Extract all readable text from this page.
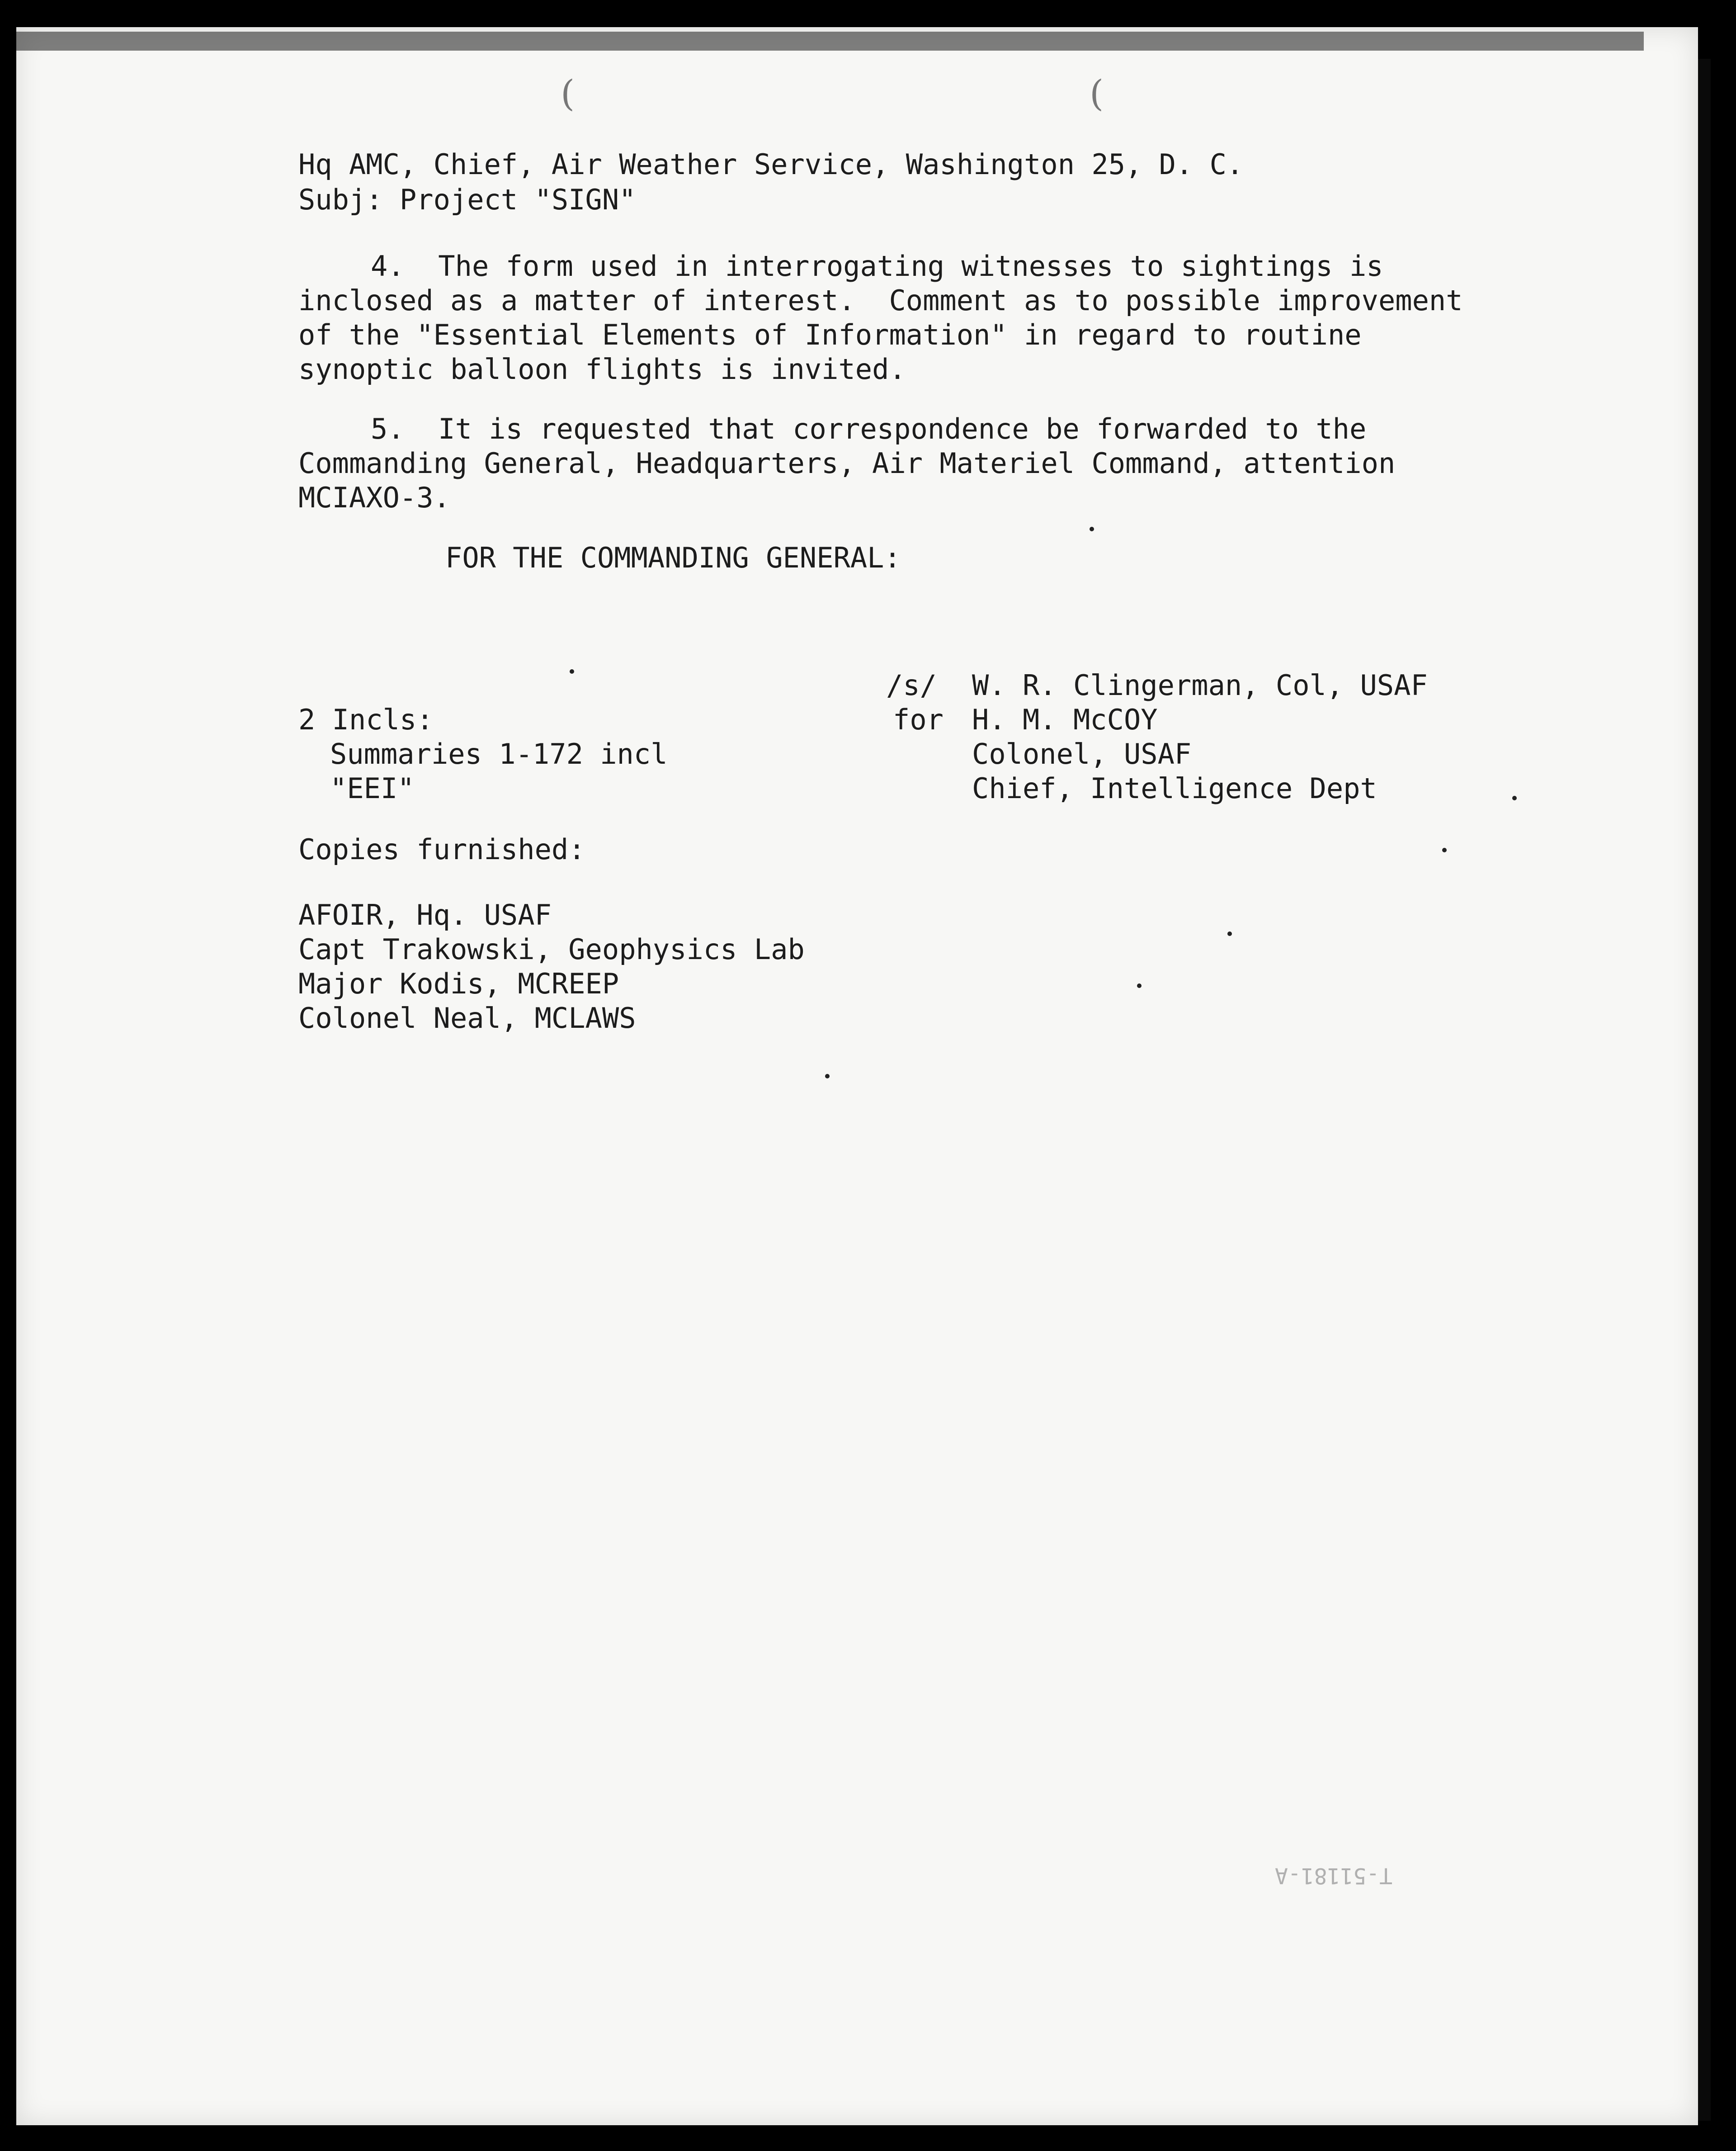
(	(

Hq AMC, Chief, Air Weather Service, Washington 25, D. C.

Subj: Project "SIGN"

4.  The form used in interrogating witnesses to sightings is

inclosed as a matter of interest.  Comment as to possible improvement

of the "Essential Elements of Information" in regard to routine

synoptic balloon flights is invited.

5.  It is requested that correspondence be forwarded to the

Commanding General, Headquarters, Air Materiel Command, attention

MCIAXO-3.

FOR THE COMMANDING GENERAL:

/s/

for

W. R. Clingerman, Col, USAF

H. M. McCOY

Colonel, USAF

Chief, Intelligence Dept

2 Incls:

Summaries 1-172 incl

"EEI"

Copies furnished:

AFOIR, Hq. USAF

Capt Trakowski, Geophysics Lab

Major Kodis, MCREEP

Colonel Neal, MCLAWS

T-51181-A
